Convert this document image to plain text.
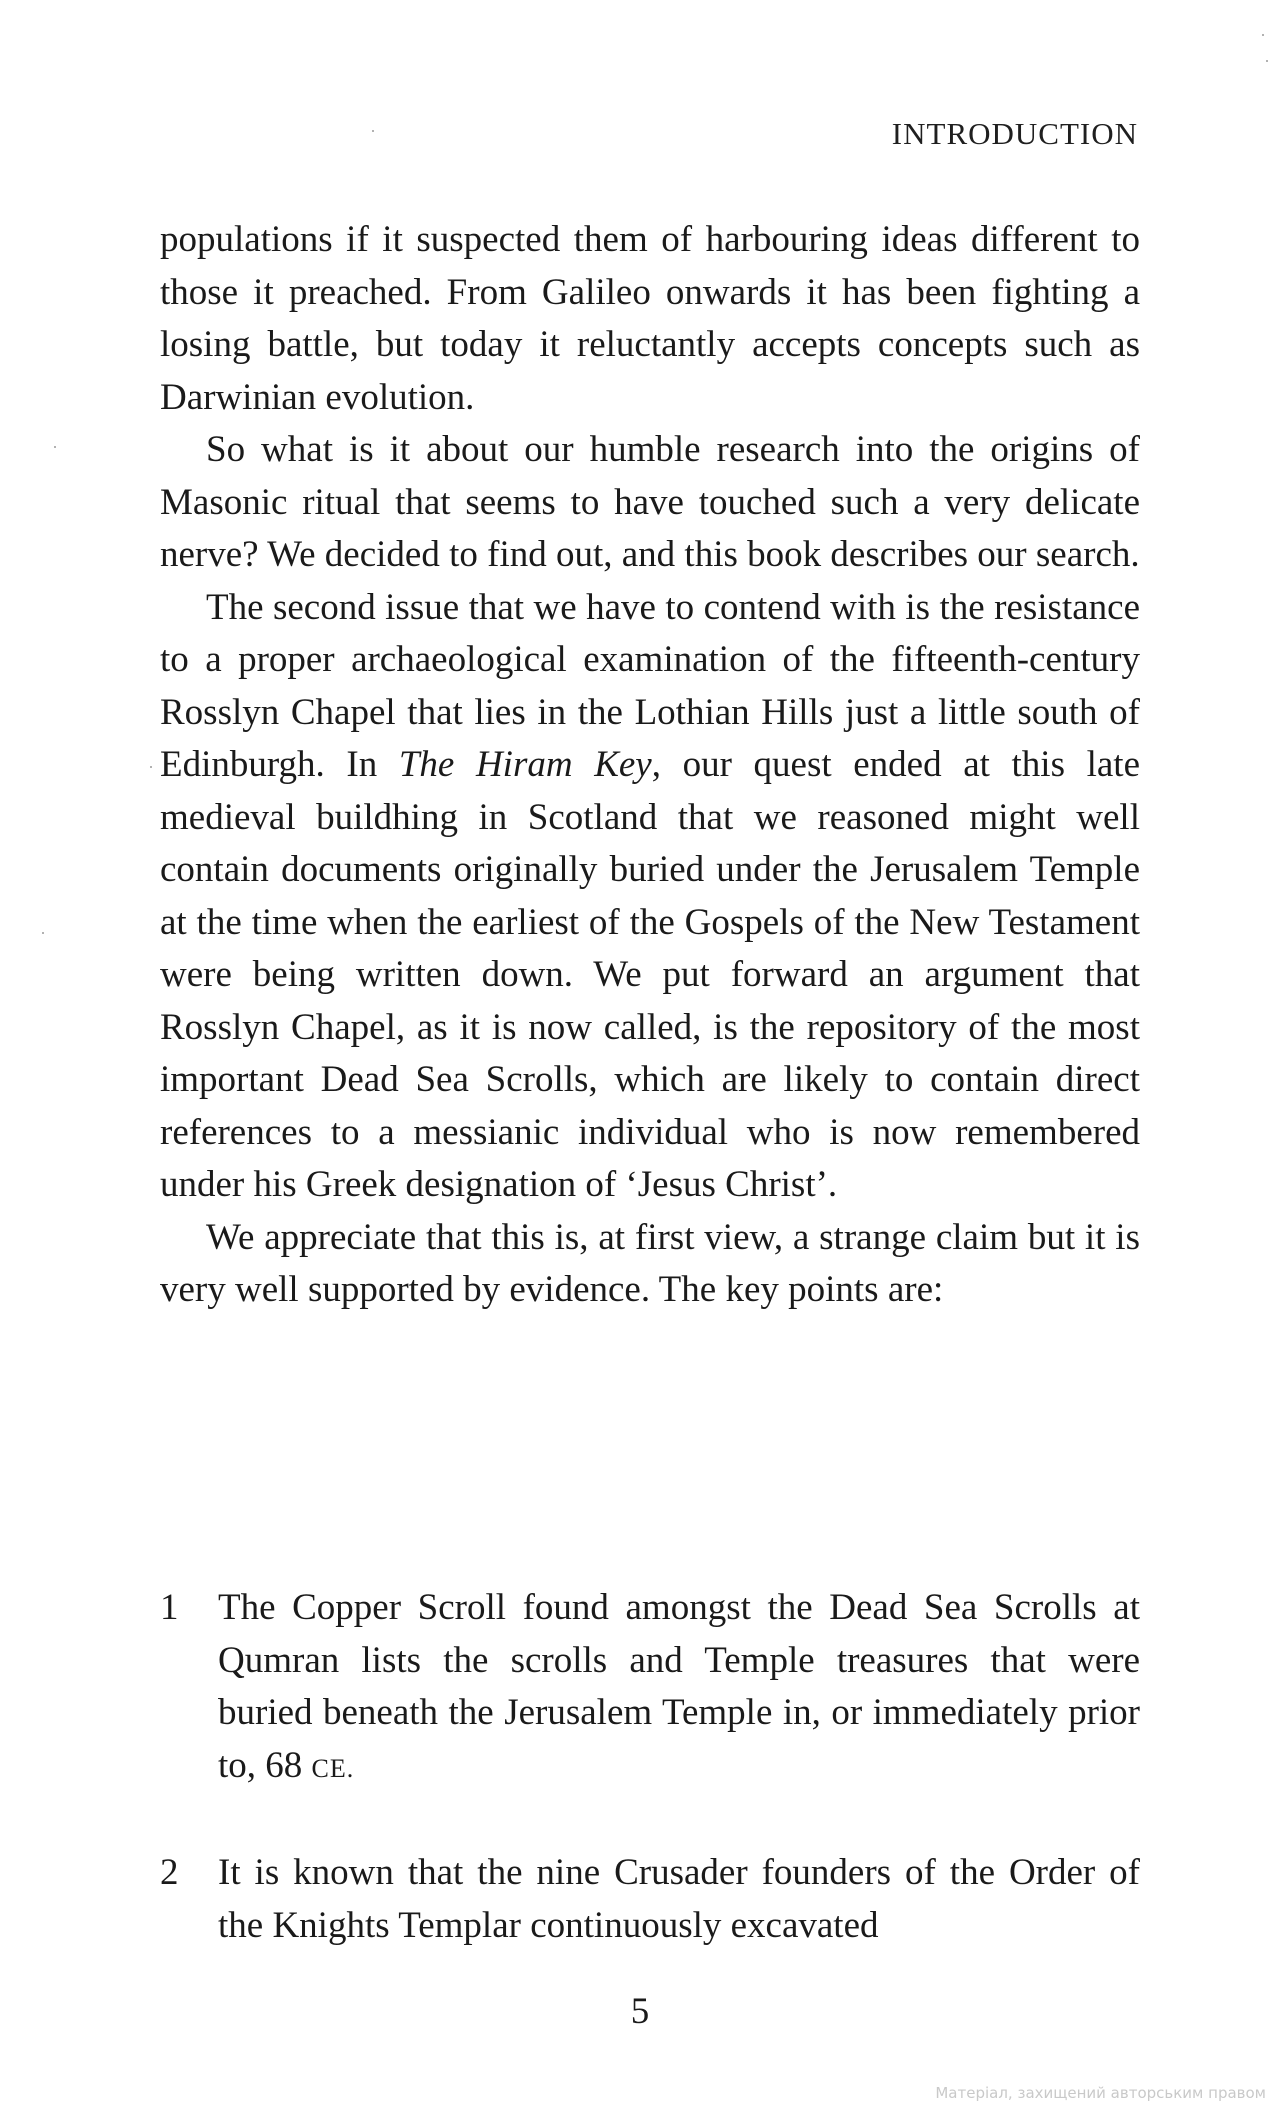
INTRODUCTION

populations if it suspected them of harbouring ideas different to those it preached. From Galileo onwards it has been fighting a losing battle, but today it reluctantly accepts concepts such as Darwinian evolution.

So what is it about our humble research into the origins of Masonic ritual that seems to have touched such a very delicate nerve? We decided to find out, and this book describes our search.

The second issue that we have to contend with is the resistance to a proper archaeological examination of the fifteenth-century Rosslyn Chapel that lies in the Lothian Hills just a little south of Edinburgh. In The Hiram Key, our quest ended at this late medieval buildhing in Scotland that we reasoned might well contain documents originally buried under the Jerusalem Temple at the time when the earliest of the Gospels of the New Testament were being written down. We put forward an argument that Rosslyn Chapel, as it is now called, is the repository of the most important Dead Sea Scrolls, which are likely to contain direct references to a messianic individual who is now remembered under his Greek designation of ‘Jesus Christ’.

We appreciate that this is, at first view, a strange claim but it is very well supported by evidence. The key points are:

1 The Copper Scroll found amongst the Dead Sea Scrolls at Qumran lists the scrolls and Temple treasures that were buried beneath the Jerusalem Temple in, or immediately prior to, 68 CE.
2 It is known that the nine Crusader founders of the Order of the Knights Templar continuously excavated
5
Матеріал, захищений авторським правом
